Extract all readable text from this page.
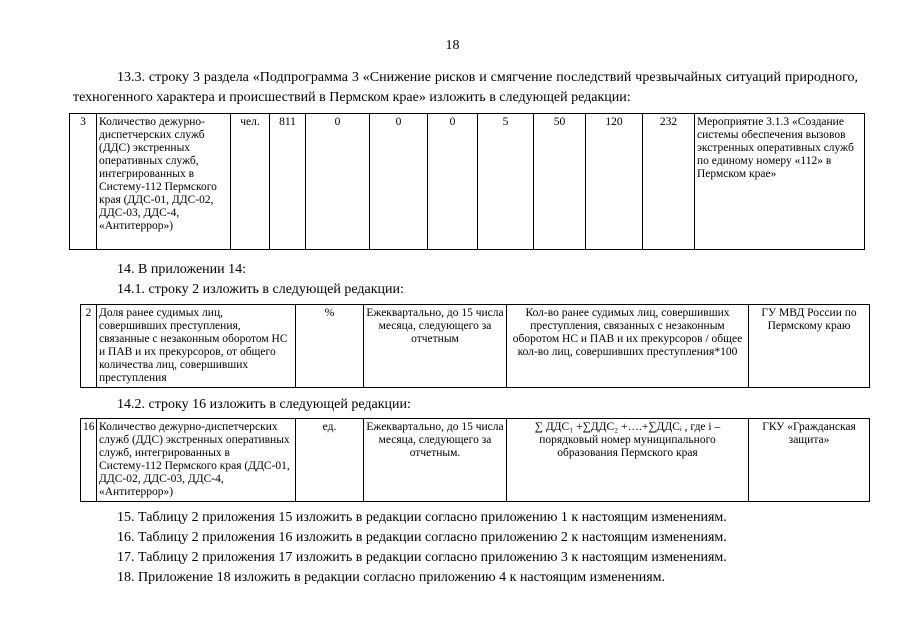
18
13.3. строку 3 раздела «Подпрограмма 3 «Снижение рисков и смягчение последствий чрезвычайных ситуаций природного, техногенного характера и происшествий в Пермском крае» изложить в следующей редакции:
3	Количество дежурно-диспетчерских служб (ДДС) экстренных оперативных служб, интегрированных в Систему-112 Пермского края (ДДС-01, ДДС-02, ДДС-03, ДДС-4, «Антитеррор»)	чел.	811	0	0	0	5	50	120	232	Мероприятие 3.1.3 «Создание системы обеспечения вызовов экстренных оперативных служб по единому номеру «112» в Пермском крае»
14. В приложении 14:
14.1. строку 2 изложить в следующей редакции:
2	Доля ранее судимых лиц, совершивших преступления, связанные с незаконным оборотом НС и ПАВ и их прекурсоров, от общего количества лиц, совершивших преступления	%	Ежеквартально, до 15 числа месяца, следующего за отчетным	Кол-во ранее судимых лиц, совершивших преступления, связанных с незаконным оборотом НС и ПАВ и их прекурсоров / общее кол-во лиц, совершивших преступления*100	ГУ МВД России по Пермскому краю
14.2. строку 16 изложить в следующей редакции:
16	Количество дежурно-диспетчерских служб (ДДС) экстренных оперативных служб, интегрированных в Систему-112 Пермского края (ДДС-01, ДДС-02, ДДС-03, ДДС-4, «Антитеррор»)	ед.	Ежеквартально, до 15 числа месяца, следующего за отчетным.	∑ ДДС₁ +∑ДДС₂ +….+∑ДДСᵢ , где i – порядковый номер муниципального образования Пермского края	ГКУ «Гражданская защита»
15. Таблицу 2 приложения 15 изложить в редакции согласно приложению 1 к настоящим изменениям.
16. Таблицу 2 приложения 16 изложить в редакции согласно приложению 2 к настоящим изменениям.
17. Таблицу 2 приложения 17 изложить в редакции согласно приложению 3 к настоящим изменениям.
18. Приложение 18 изложить в редакции согласно приложению 4 к настоящим изменениям.
